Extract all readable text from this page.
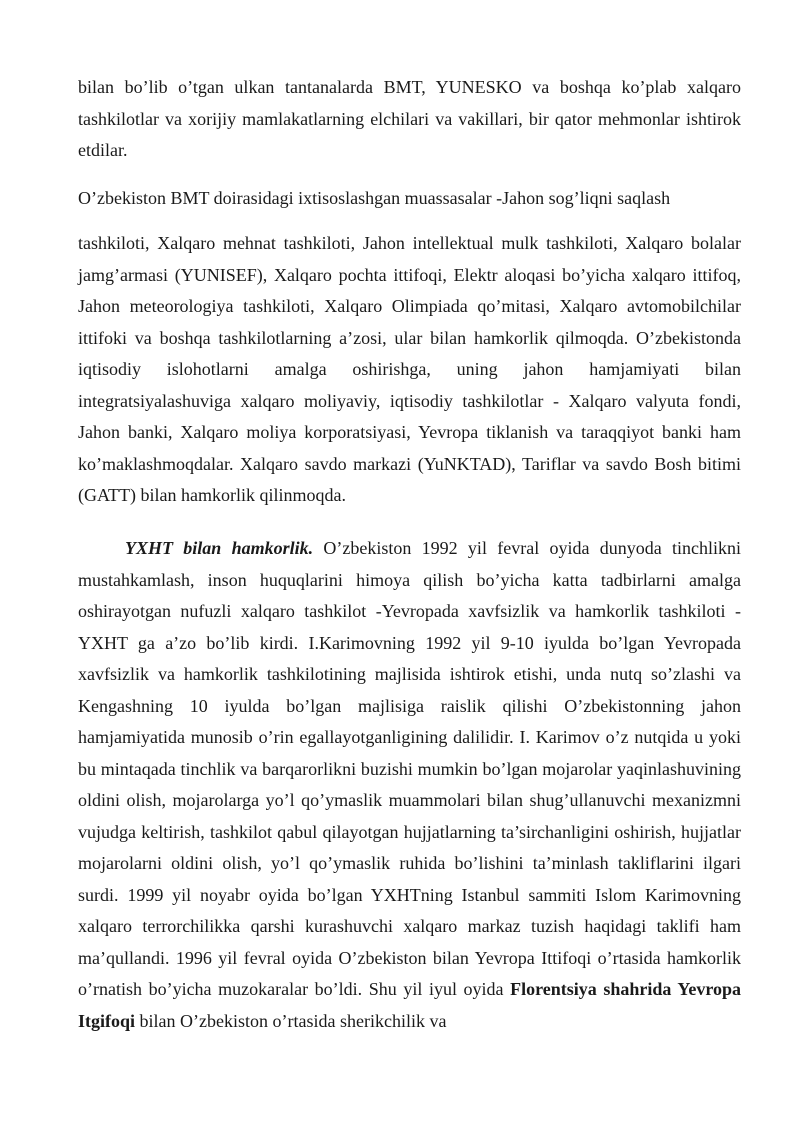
bilan bo’lib o’tgan ulkan tantanalarda BMT, YUNESKO va boshqa ko’plab xalqaro tashkilotlar va xorijiy mamlakatlarning elchilari va vakillari, bir qator mehmonlar ishtirok etdilar.

O’zbekiston BMT doirasidagi ixtisoslashgan muassasalar -Jahon sog’liqni saqlash

tashkiloti, Xalqaro mehnat tashkiloti, Jahon intellektual mulk tashkiloti, Xalqaro bolalar jamg’armasi (YUNISEF), Xalqaro pochta ittifoqi, Elektr aloqasi bo’yicha xalqaro ittifoq, Jahon meteorologiya tashkiloti, Xalqaro Olimpiada qo’mitasi, Xalqaro avtomobilchilar ittifoki va boshqa tashkilotlarning a’zosi, ular bilan hamkorlik qilmoqda. O’zbekistonda iqtisodiy islohotlarni amalga oshirishga, uning jahon hamjamiyati bilan integratsiyalashuviga xalqaro moliyaviy, iqtisodiy tashkilotlar - Xalqaro valyuta fondi, Jahon banki, Xalqaro moliya korporatsiyasi, Yevropa tiklanish va taraqqiyot banki ham ko’maklashmoqdalar. Xalqaro savdo markazi (YuNKTAD), Tariflar va savdo Bosh bitimi (GATT) bilan hamkorlik qilinmoqda.

YXHT bilan hamkorlik. O’zbekiston 1992 yil fevral oyida dunyoda tinchlikni mustahkamlash, inson huquqlarini himoya qilish bo’yicha katta tadbirlarni amalga oshirayotgan nufuzli xalqaro tashkilot -Yevropada xavfsizlik va hamkorlik tashkiloti - YXHT ga a’zo bo’lib kirdi. I.Karimovning 1992 yil 9-10 iyulda bo’lgan Yevropada xavfsizlik va hamkorlik tashkilotining majlisida ishtirok etishi, unda nutq so’zlashi va Kengashning 10 iyulda bo’lgan majlisiga raislik qilishi O’zbekistonning jahon hamjamiyatida munosib o’rin egallayotganligining dalilidir. I. Karimov o’z nutqida u yoki bu mintaqada tinchlik va barqarorlikni buzishi mumkin bo’lgan mojarolar yaqinlashuvining oldini olish, mojarolarga yo’l qo’ymaslik muammolari bilan shug’ullanuvchi mexanizmni vujudga keltirish, tashkilot qabul qilayotgan hujjatlarning ta’sirchanligini oshirish, hujjatlar mojarolarni oldini olish, yo’l qo’ymaslik ruhida bo’lishini ta’minlash takliflarini ilgari surdi. 1999 yil noyabr oyida bo’lgan YXHTning Istanbul sammiti Islom Karimovning xalqaro terrorchilikka qarshi kurashuvchi xalqaro markaz tuzish haqidagi taklifi ham ma’qullandi. 1996 yil fevral oyida O’zbekiston bilan Yevropa Ittifoqi o’rtasida hamkorlik o’rnatish bo’yicha muzokaralar bo’ldi. Shu yil iyul oyida Florentsiya shahrida Yevropa Itgifoqi bilan O’zbekiston o’rtasida sherikchilik va
